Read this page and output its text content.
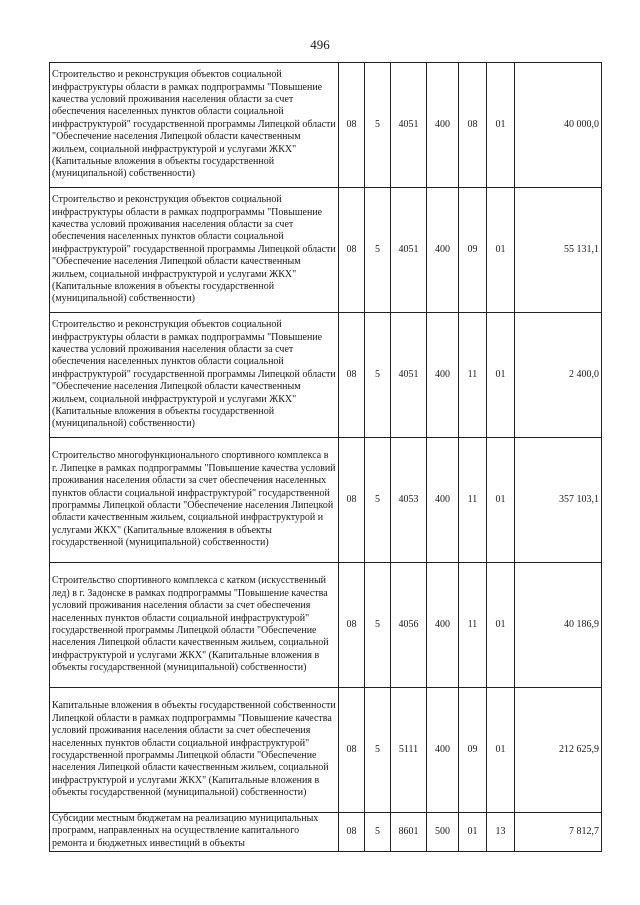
496
Строительство и реконструкция объектов социальной инфраструктуры области в рамках подпрограммы "Повышение качества условий проживания населения области за счет обеспечения населенных пунктов области социальной инфраструктурой" государственной программы Липецкой области "Обеспечение населения Липецкой области качественным жильем, социальной инфраструктурой и услугами ЖКХ" (Капитальные вложения в объекты государственной (муниципальной) собственности)	08	5	4051	400	08	01	40 000,0
Строительство и реконструкция объектов социальной инфраструктуры области в рамках подпрограммы "Повышение качества условий проживания населения области за счет обеспечения населенных пунктов области социальной инфраструктурой" государственной программы Липецкой области "Обеспечение населения Липецкой области качественным жильем, социальной инфраструктурой и услугами ЖКХ" (Капитальные вложения в объекты государственной (муниципальной) собственности)	08	5	4051	400	09	01	55 131,1
Строительство и реконструкция объектов социальной инфраструктуры области в рамках подпрограммы "Повышение качества условий проживания населения области за счет обеспечения населенных пунктов области социальной инфраструктурой" государственной программы Липецкой области "Обеспечение населения Липецкой области качественным жильем, социальной инфраструктурой и услугами ЖКХ" (Капитальные вложения в объекты государственной (муниципальной) собственности)	08	5	4051	400	11	01	2 400,0
Строительство многофункционального спортивного комплекса в г. Липецке в рамках подпрограммы "Повышение качества условий проживания населения области за счет обеспечения населенных пунктов области социальной инфраструктурой" государственной программы Липецкой области "Обеспечение населения Липецкой области качественным жильем, социальной инфраструктурой и услугами ЖКХ" (Капитальные вложения в объекты государственной (муниципальной) собственности)	08	5	4053	400	11	01	357 103,1
Строительство спортивного комплекса с катком (искусственный лед) в г. Задонске в рамках подпрограммы "Повышение качества условий проживания населения области за счет обеспечения населенных пунктов области социальной инфраструктурой" государственной программы Липецкой области "Обеспечение населения Липецкой области качественным жильем, социальной инфраструктурой и услугами ЖКХ" (Капитальные вложения в объекты государственной (муниципальной) собственности)	08	5	4056	400	11	01	40 186,9
Капитальные вложения в объекты государственной собственности Липецкой области в рамках подпрограммы "Повышение качества условий проживания населения области за счет обеспечения населенных пунктов области социальной инфраструктурой" государственной программы Липецкой области "Обеспечение населения Липецкой области качественным жильем, социальной инфраструктурой и услугами ЖКХ" (Капитальные вложения в объекты государственной (муниципальной) собственности)	08	5	5111	400	09	01	212 625,9
Субсидии местным бюджетам на реализацию муниципальных программ, направленных на осуществление капитального ремонта и бюджетных инвестиций в объекты	08	5	8601	500	01	13	7 812,7
